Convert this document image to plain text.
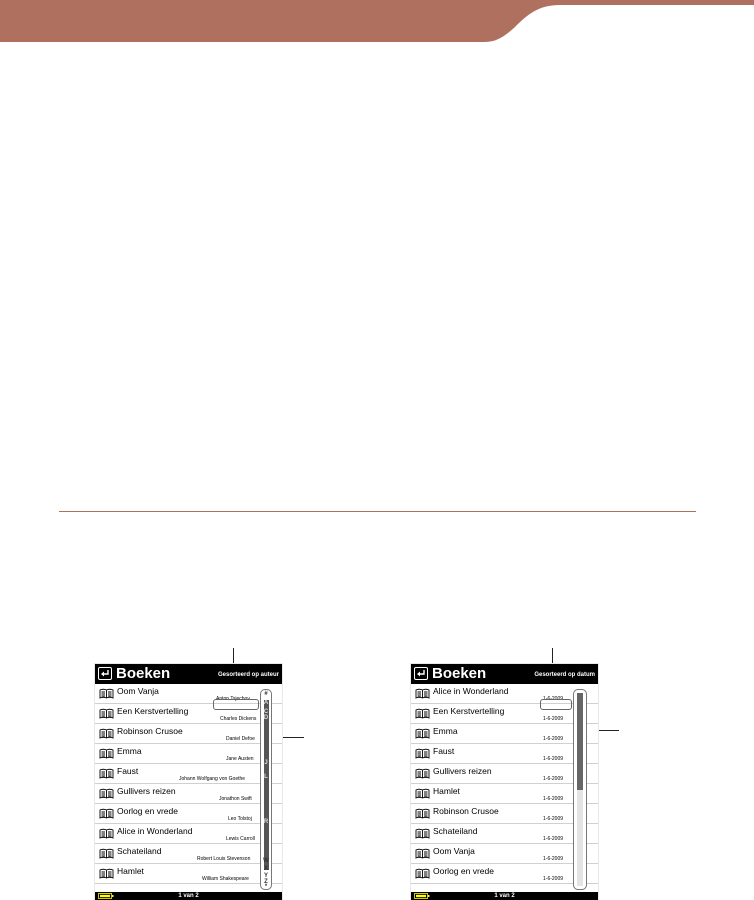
Boeken	Gesorteerd op auteur
Oom Vanja
Anton Tsjechov
Een Kerstvertelling
Charles Dickens
Robinson Crusoe
Daniel Defoe
Emma
Jane Austen
Faust
Johann Wolfgang von Goethe
Gullivers reizen
Jonathon Swift
Oorlog en vrede
Leo Tolstoj
Alice in Wonderland
Lewis Carroll
Schateiland
Robert Louis Stevenson
Hamlet
William Shakespeare
#
A
C
D
J
L
R
W
X
Y
Z
*
1 van 2
Boeken	Gesorteerd op datum
Alice in Wonderland
1-6-2009
Een Kerstvertelling
1-6-2009
Emma
1-6-2009
Faust
1-6-2009
Gullivers reizen
1-6-2009
Hamlet
1-6-2009
Robinson Crusoe
1-6-2009
Schateiland
1-6-2009
Oom Vanja
1-6-2009
Oorlog en vrede
1-6-2009
1 van 2
